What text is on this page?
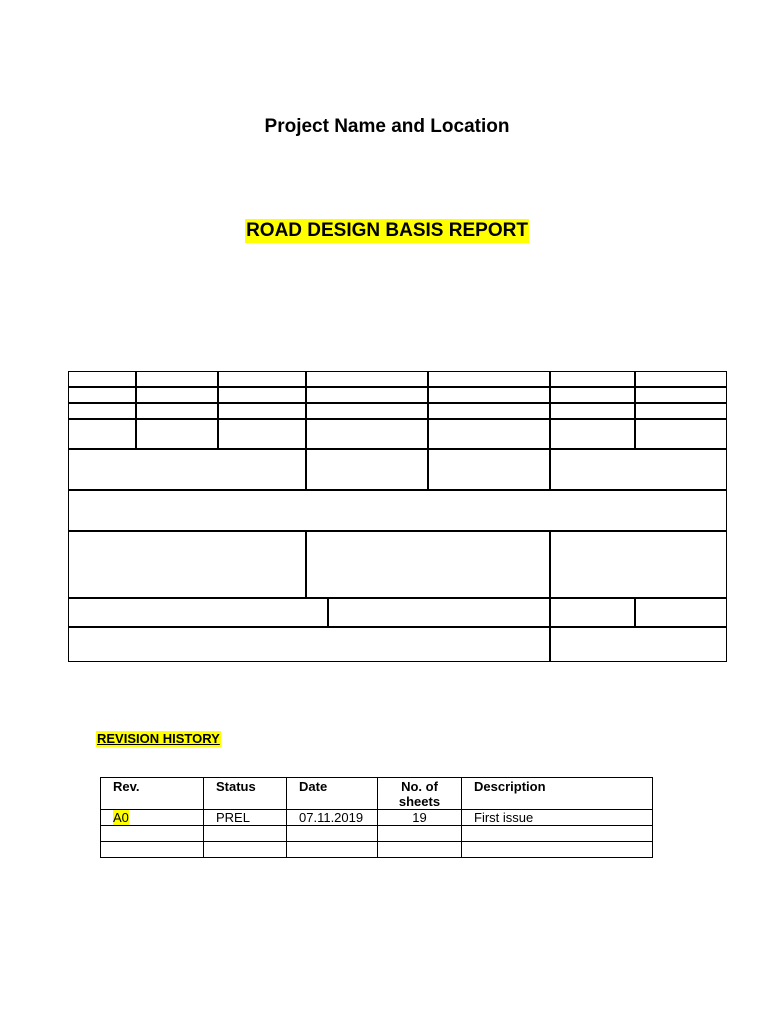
Project Name and Location
ROAD DESIGN BASIS REPORT
REVISION HISTORY
Rev.	Status	Date	No. of sheets	Description
A0	PREL	07.11.2019	19	First issue
